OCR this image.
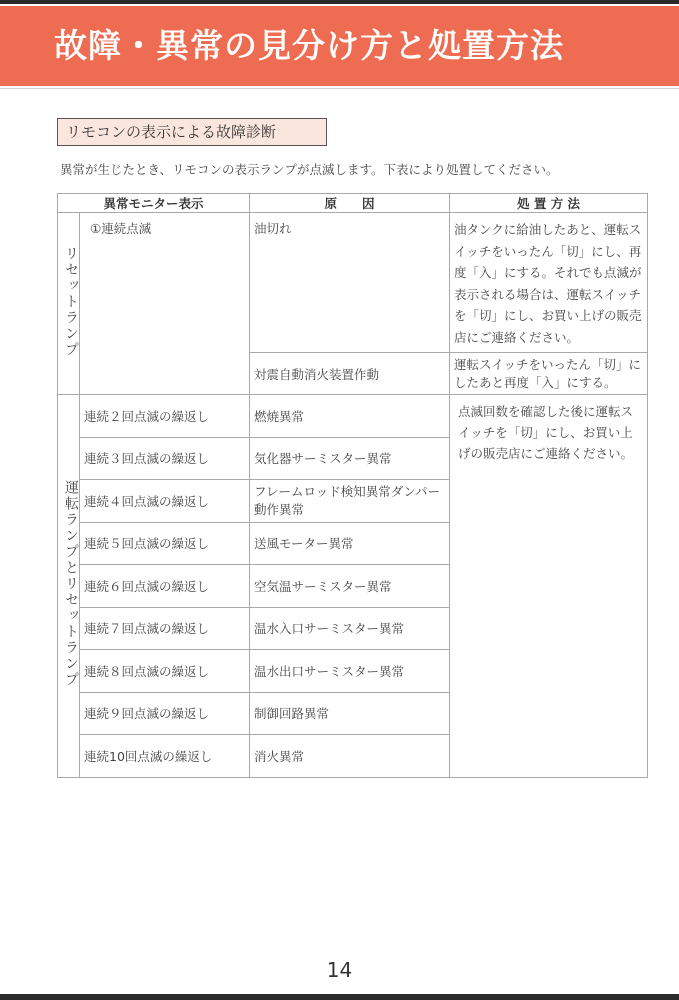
故障・異常の見分け方と処置方法
リモコンの表示による故障診断
異常が生じたとき、リモコンの表示ランプが点滅します。下表により処置してください。
異常モニター表示		原　　因	処 置 方 法
リセットランプ	①連続点滅	油切れ	油タンクに給油したあと、運転スイッチをいったん「切」にし、再度「入」にする。それでも点滅が表示される場合は、運転スイッチを「切」にし、お買い上げの販売店にご連絡ください。
		対震自動消火装置作動	運転スイッチをいったん「切」にしたあと再度「入」にする。
運転ランプとリセットランプ	連続２回点滅の繰返し	燃焼異常	点滅回数を確認した後に運転スイッチを「切」にし、お買い上げの販売店にご連絡ください。
	連続３回点滅の繰返し	気化器サーミスター異常	
	連続４回点滅の繰返し	フレームロッド検知異常ダンパー動作異常	
	連続５回点滅の繰返し	送風モーター異常	
	連続６回点滅の繰返し	空気温サーミスター異常	
	連続７回点滅の繰返し	温水入口サーミスター異常	
	連続８回点滅の繰返し	温水出口サーミスター異常	
	連続９回点滅の繰返し	制御回路異常	
	連続10回点滅の繰返し	消火異常	
14
